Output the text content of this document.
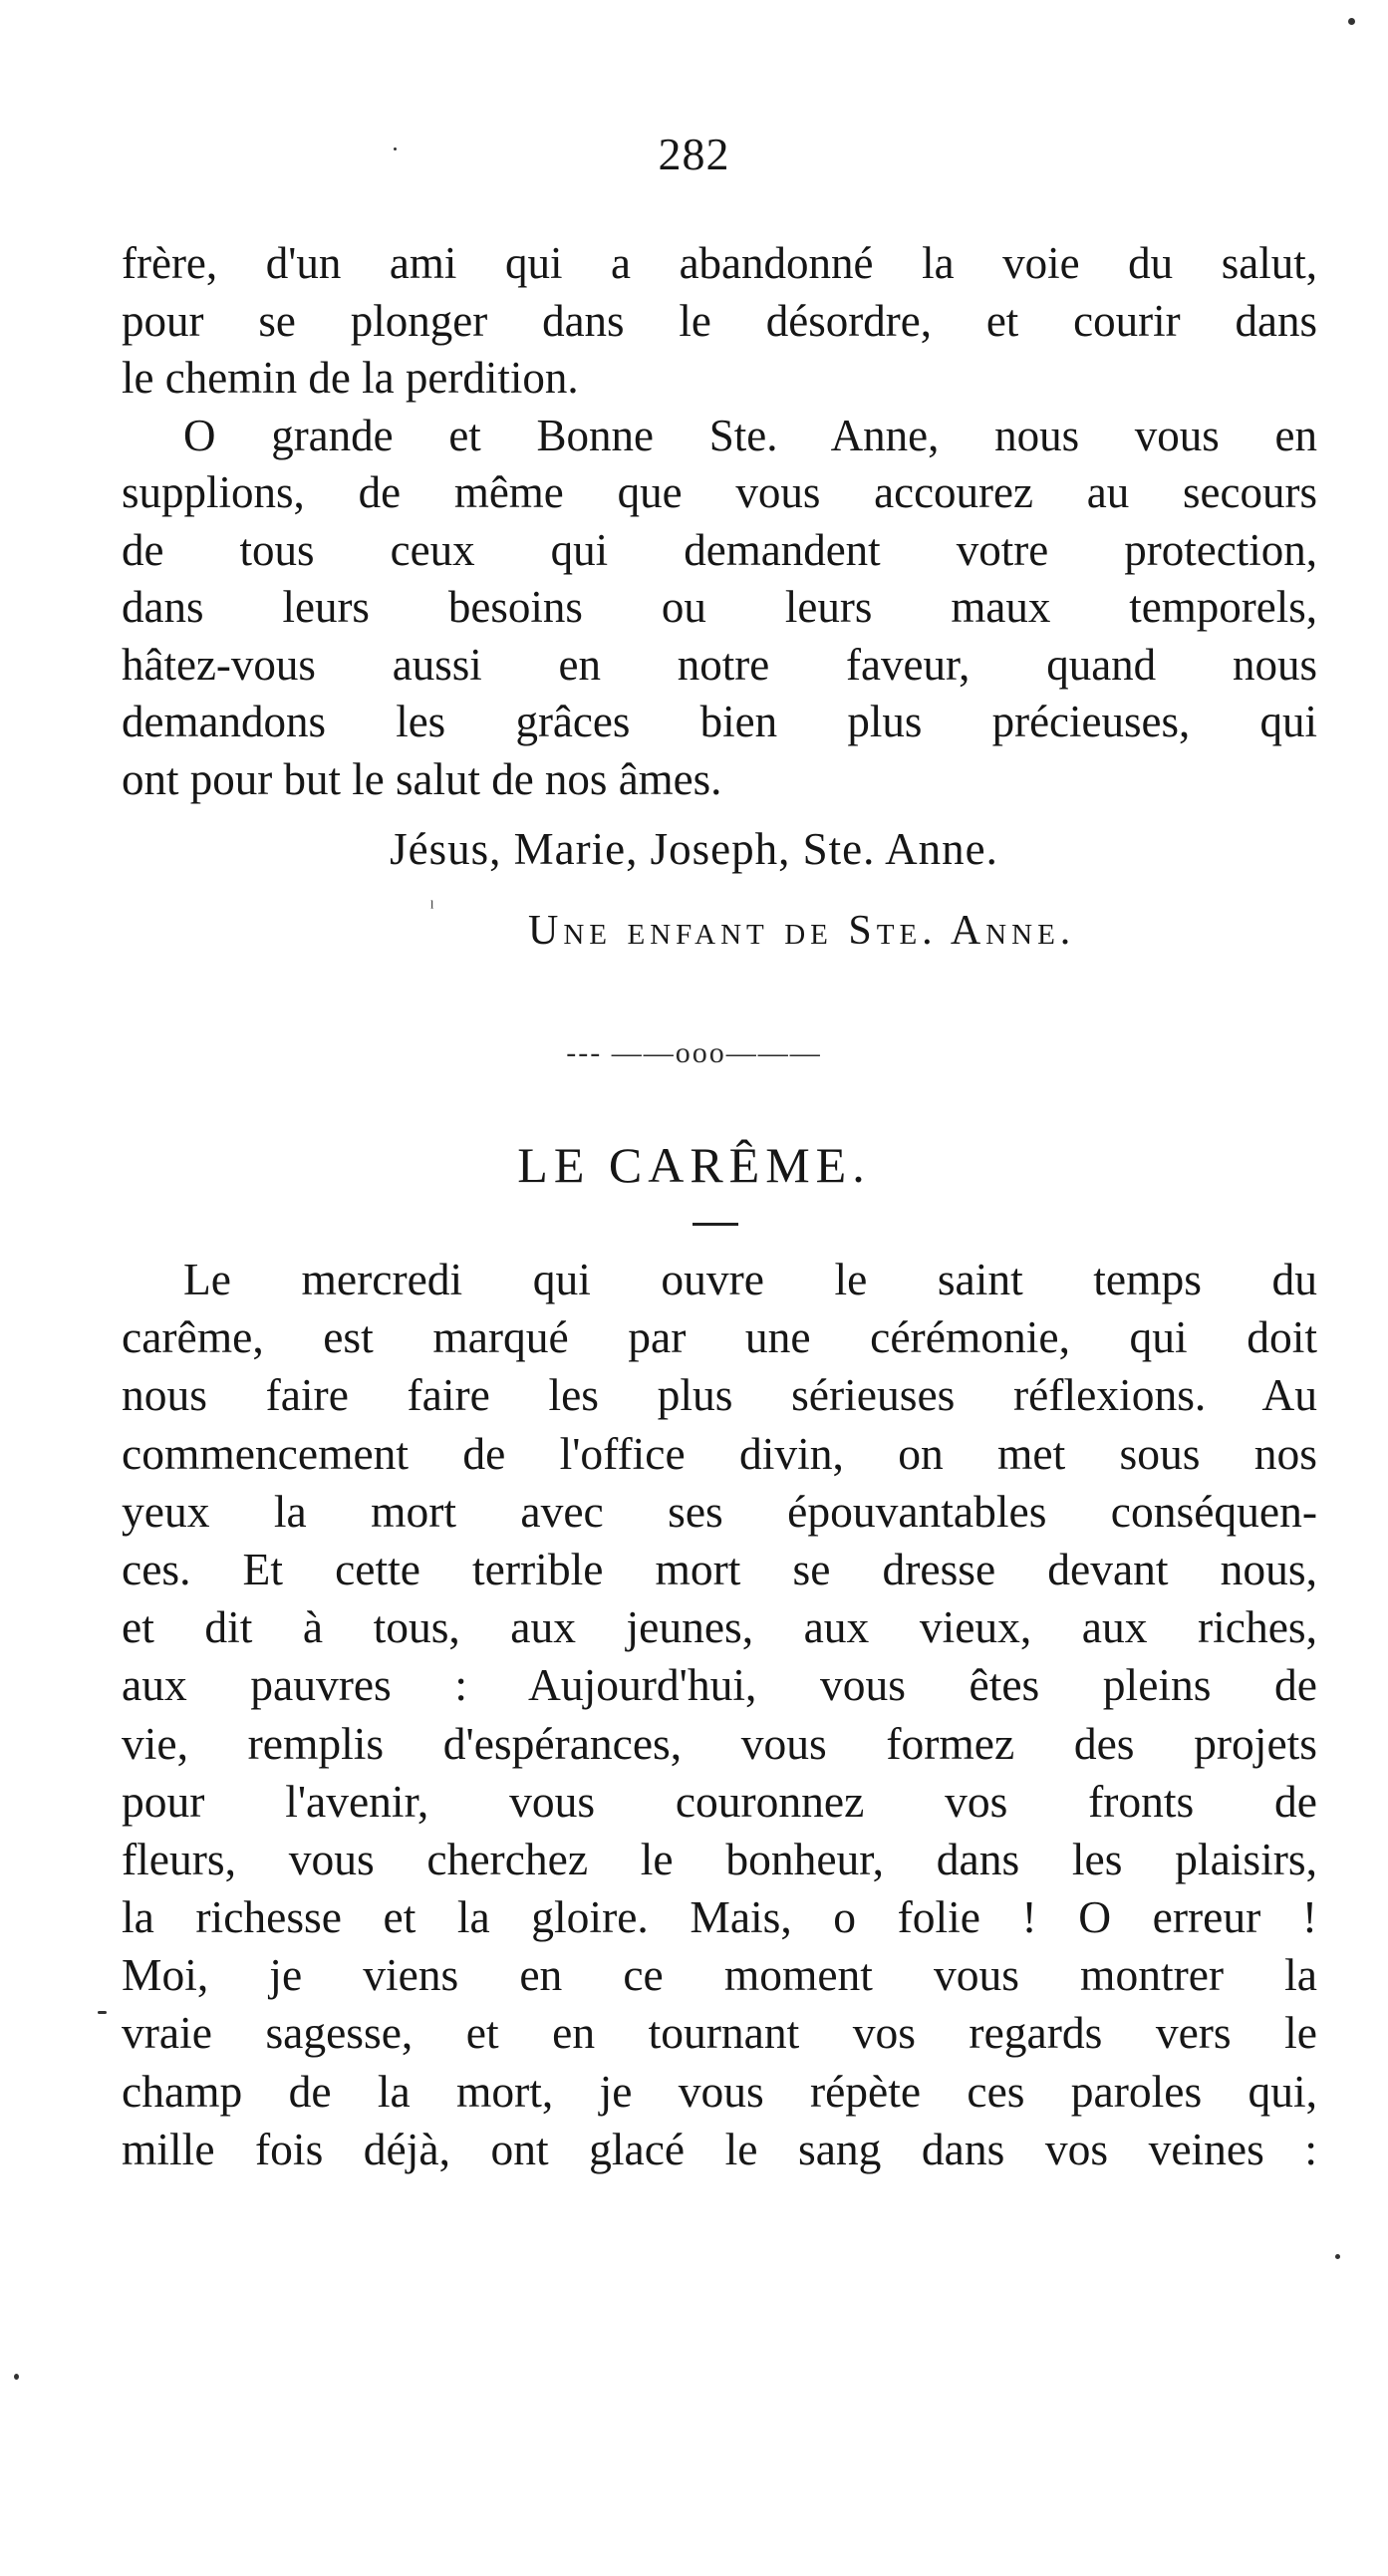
282
frère, d'un ami qui a abandonné la voie du salut,
pour se plonger dans le désordre, et courir dans
le chemin de la perdition.
O grande et Bonne Ste. Anne, nous vous en
supplions, de même que vous accourez au secours
de tous ceux qui demandent votre protection,
dans leurs besoins ou leurs maux temporels,
hâtez-vous aussi en notre faveur, quand nous
demandons les grâces bien plus précieuses, qui
ont pour but le salut de nos âmes.
Jésus, Marie, Joseph, Ste. Anne.
ˡ Une enfant de Ste. Anne.
--- ——ooo———
LE CARÊME.
Le mercredi qui ouvre le saint temps du
carême, est marqué par une cérémonie, qui doit
nous faire faire les plus sérieuses réflexions. Au
commencement de l'office divin, on met sous nos
yeux la mort avec ses épouvantables conséquen-
ces. Et cette terrible mort se dresse devant nous,
et dit à tous, aux jeunes, aux vieux, aux riches,
aux pauvres : Aujourd'hui, vous êtes pleins de
vie, remplis d'espérances, vous formez des projets
pour l'avenir, vous couronnez vos fronts de
fleurs, vous cherchez le bonheur, dans les plaisirs,
la richesse et la gloire. Mais, o folie ! O erreur !
Moi, je viens en ce moment vous montrer la
vraie sagesse, et en tournant vos regards vers le
champ de la mort, je vous répète ces paroles qui,
mille fois déjà, ont glacé le sang dans vos veines :
